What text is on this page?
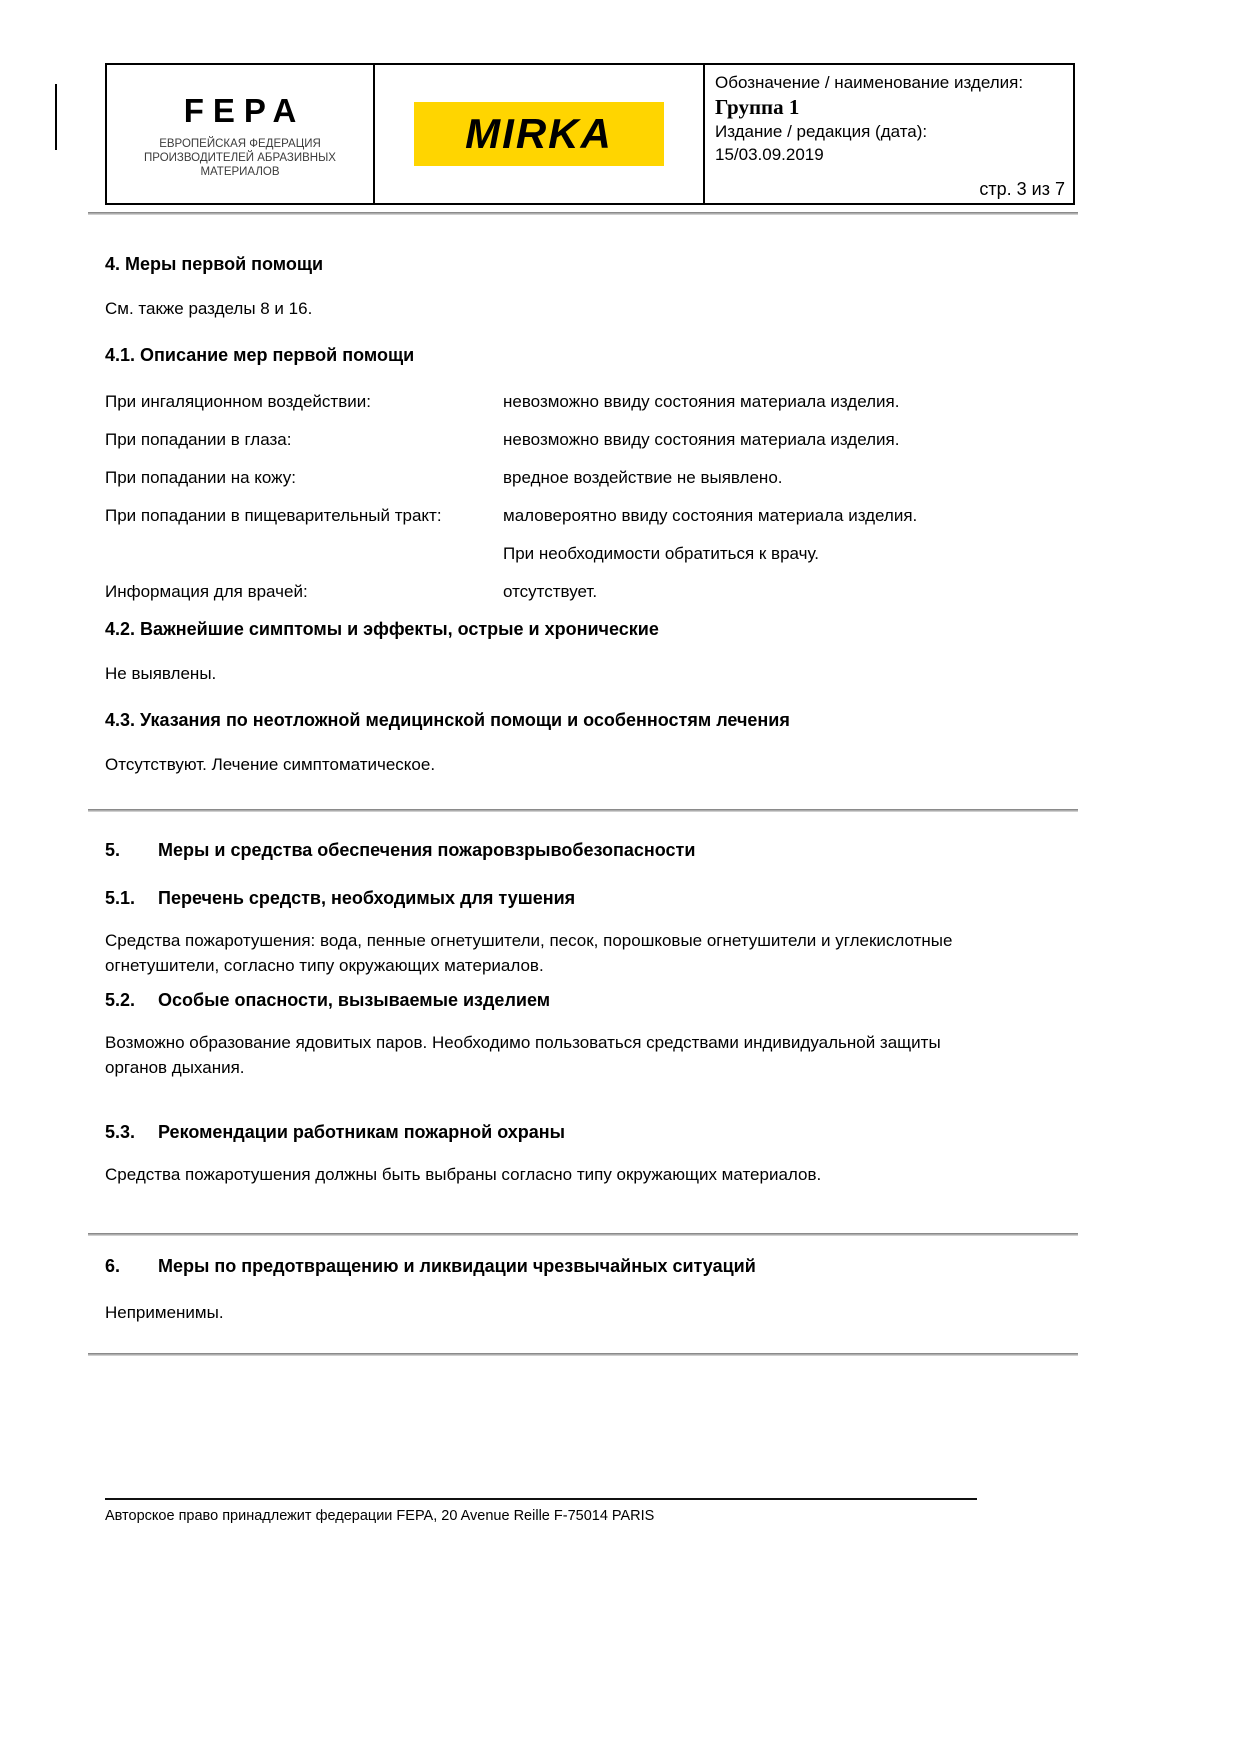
FEPA
ЕВРОПЕЙСКАЯ ФЕДЕРАЦИЯ ПРОИЗВОДИТЕЛЕЙ АБРАЗИВНЫХ МАТЕРИАЛОВ
MIRKA
Обозначение / наименование изделия:
Группа 1
Издание / редакция (дата):
15/03.09.2019
стр. 3 из 7
4. Меры первой помощи

См. также разделы 8 и 16.

4.1. Описание мер первой помощи
При ингаляционном воздействии:	невозможно ввиду состояния материала изделия.
При попадании в глаза:	невозможно ввиду состояния материала изделия.
При попадании на кожу:	вредное воздействие не выявлено.
При попадании в пищеварительный тракт:	маловероятно ввиду состояния материала изделия.
При необходимости обратиться к врачу.
Информация для врачей:	отсутствует.
4.2. Важнейшие симптомы и эффекты, острые и хронические

Не выявлены.

4.3. Указания по неотложной медицинской помощи и особенностям лечения

Отсутствуют. Лечение симптоматическое.

5. Меры и средства обеспечения пожаровзрывобезопасности
5.1. Перечень средств, необходимых для тушения

Средства пожаротушения: вода, пенные огнетушители, песок, порошковые огнетушители и углекислотные огнетушители, согласно типу окружающих материалов.

5.2. Особые опасности, вызываемые изделием

Возможно образование ядовитых паров. Необходимо пользоваться средствами индивидуальной защиты органов дыхания.

5.3. Рекомендации работникам пожарной охраны

Средства пожаротушения должны быть выбраны согласно типу окружающих материалов.

6. Меры по предотвращению и ликвидации чрезвычайных ситуаций

Неприменимы.

Авторское право принадлежит федерации FEPA, 20 Avenue Reille F-75014 PARIS
